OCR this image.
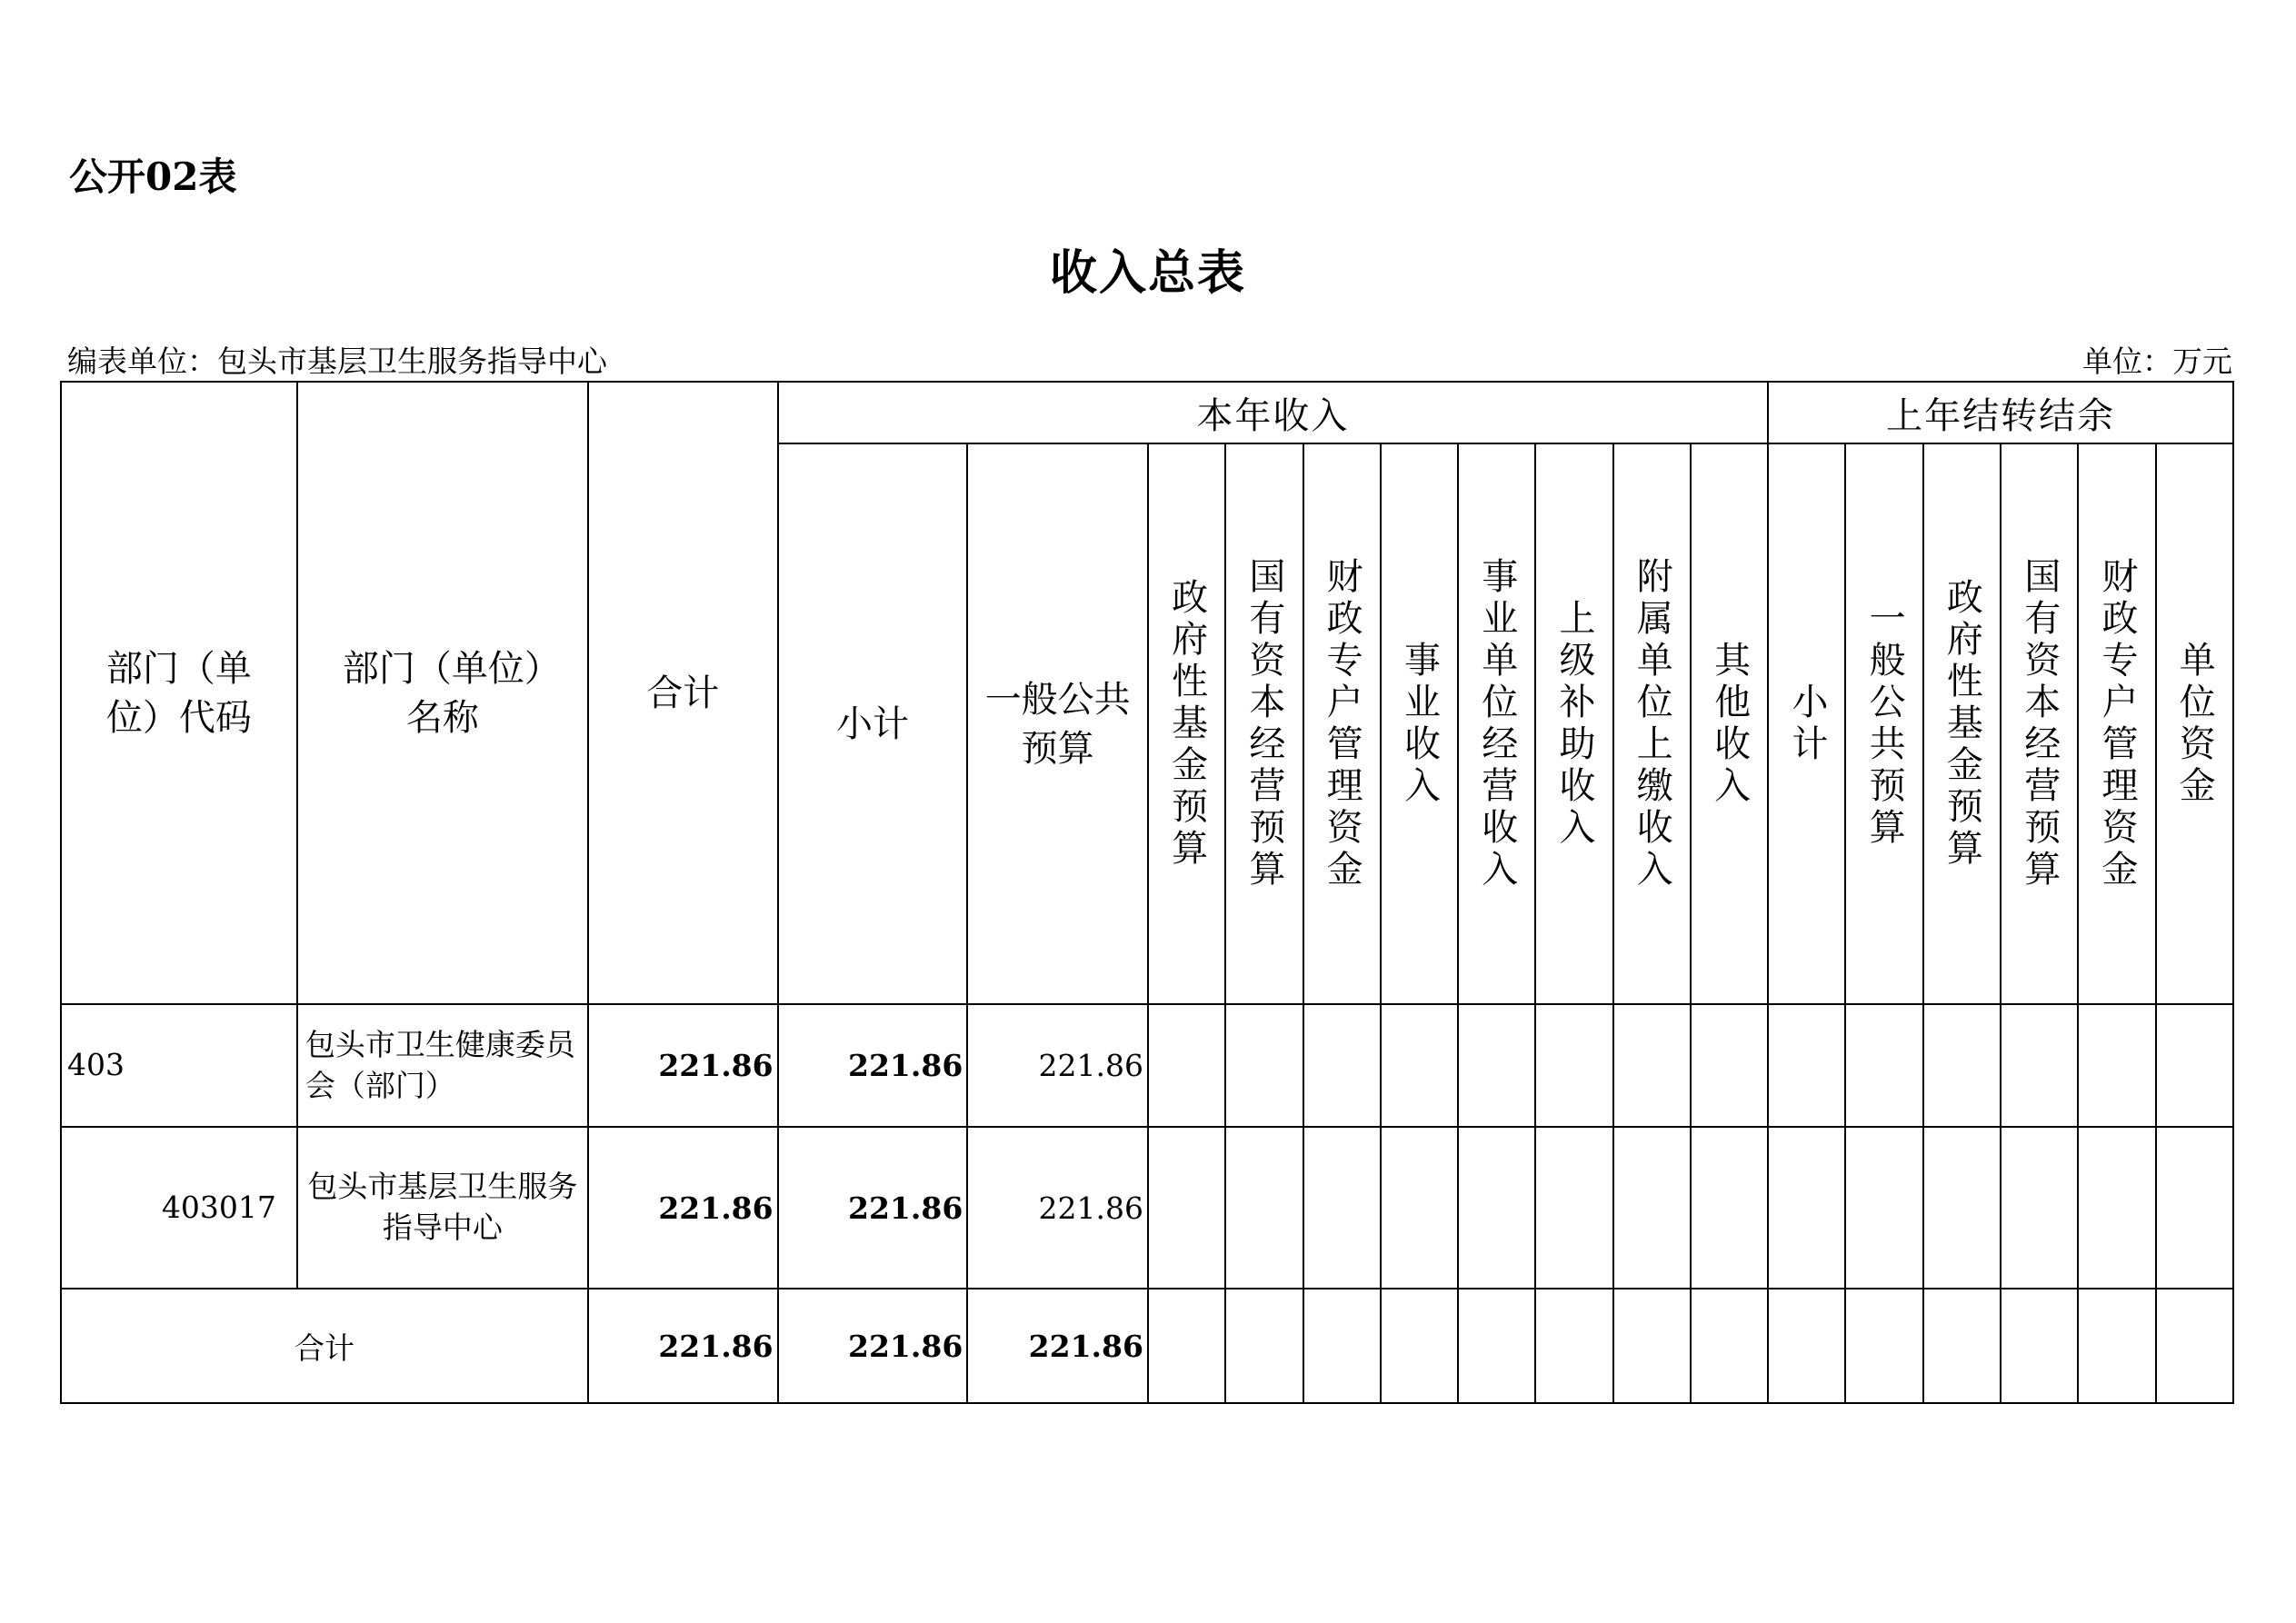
公开02表
收入总表
编表单位：包头市基层卫生服务指导中心	单位：万元
部门（单位）代码	部门（单位）名称	合计	本年收入										上年结转结余					

			小计	一般公共预算	政府性基金预算	国有资本经营预算	财政专户管理资金	事业收入	事业单位经营收入	上级补助收入	附属单位上缴收入	其他收入	小计	一般公共预算	政府性基金预算	国有资本经营预算	财政专户管理资金	单位资金

403	包头市卫生健康委员会（部门）	221.86	221.86	221.86														
403017	包头市基层卫生服务指导中心	221.86	221.86	221.86														
合计		221.86	221.86	221.86														
